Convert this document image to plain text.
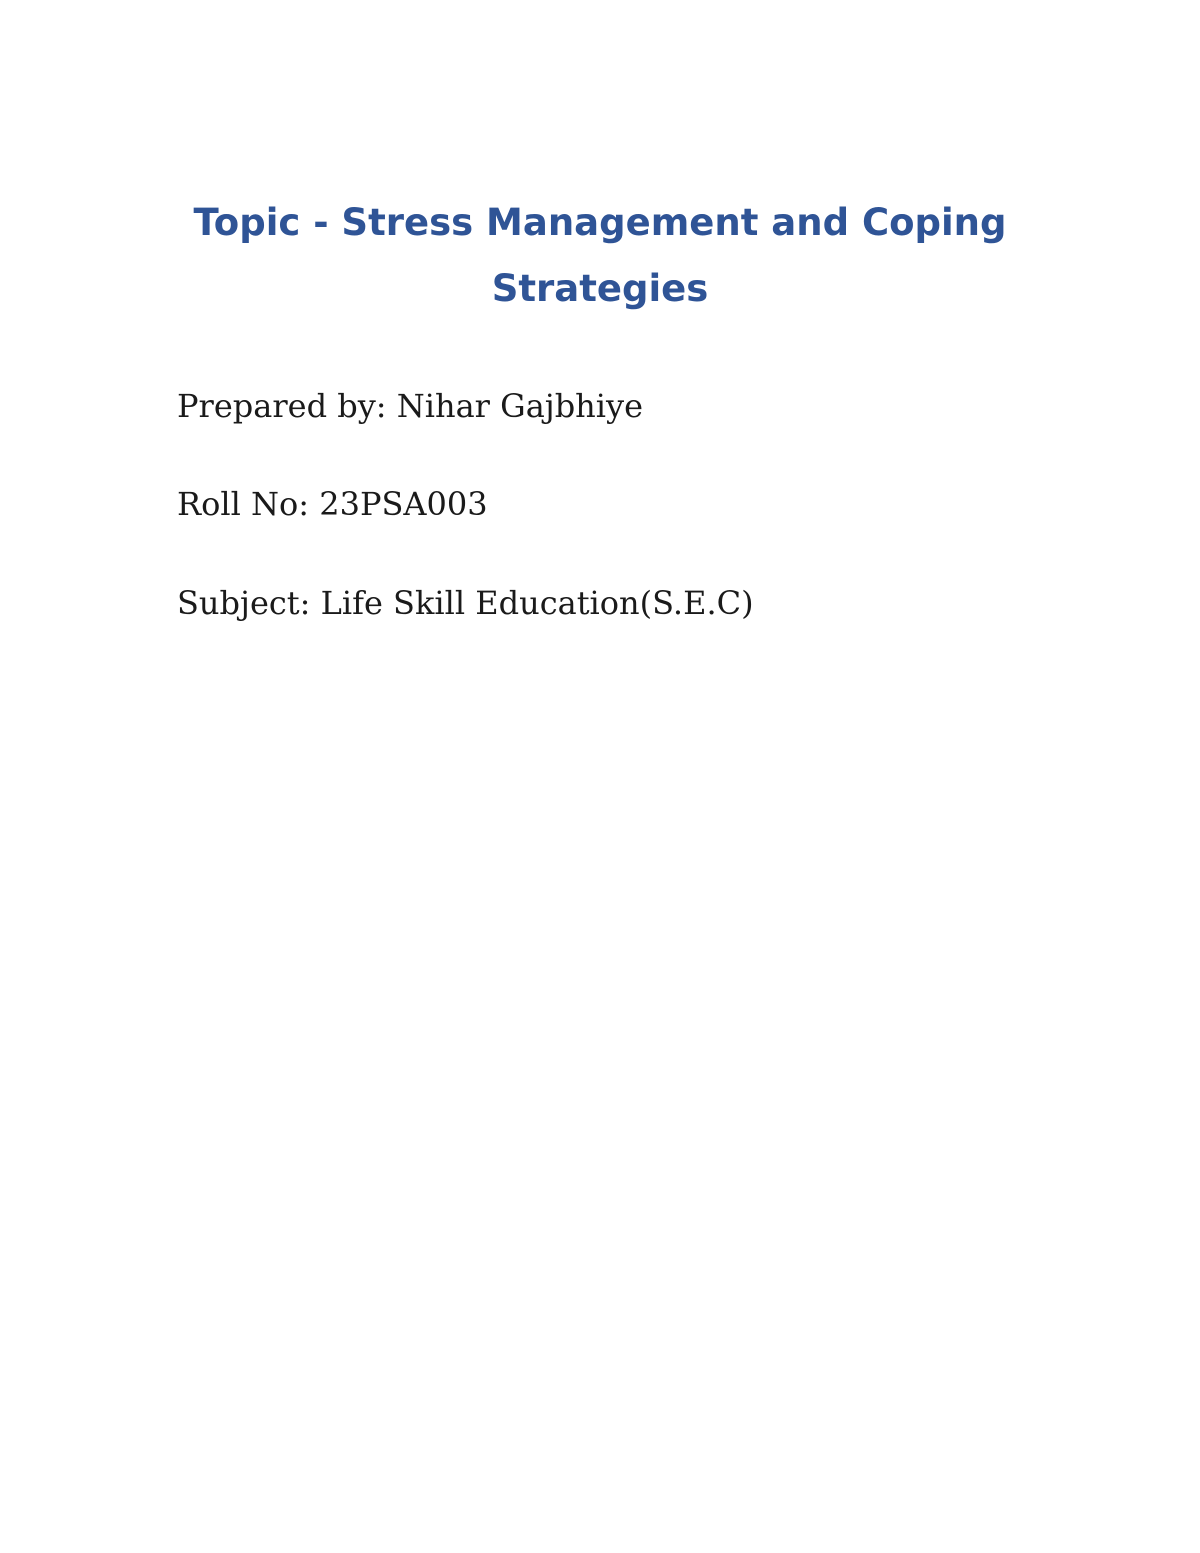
Topic - Stress Management and Coping
Strategies

Prepared by: Nihar Gajbhiye

Roll No: 23PSA003

Subject: Life Skill Education(S.E.C)
